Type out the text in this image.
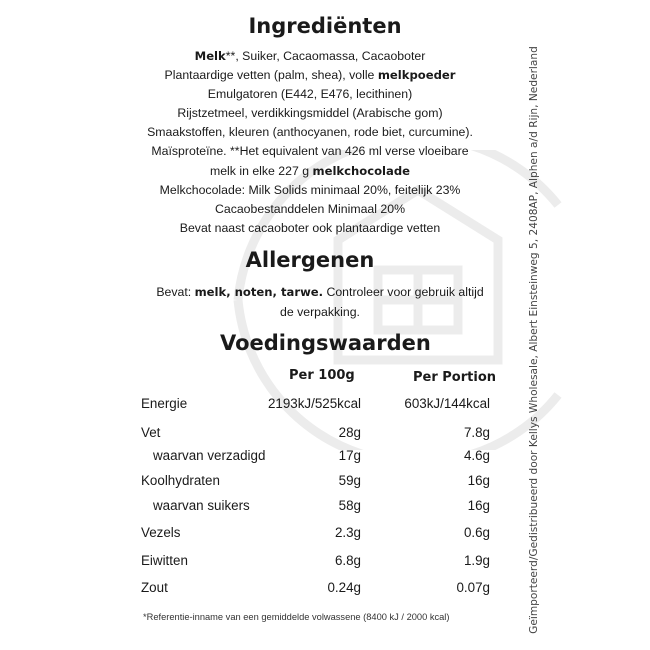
Geïmporteerd/Gedistribueerd door Kellys Wholesale, Albert Einsteinweg 5, 2408AP, Alphen a/d Rijn, Nederland
Ingrediënten
Melk**, Suiker, Cacaomassa, Cacaoboter
Plantaardige vetten (palm, shea), volle melkpoeder
Emulgatoren (E442, E476, lecithinen)
Rijstzetmeel, verdikkingsmiddel (Arabische gom)
Smaakstoffen, kleuren (anthocyanen, rode biet, curcumine).
Maïsproteïne. **Het equivalent van 426 ml verse vloeibare
melk in elke 227 g melkchocolade
Melkchocolade: Milk Solids minimaal 20%, feitelijk 23%
Cacaobestanddelen Minimaal 20%
Bevat naast cacaoboter ook plantaardige vetten
Allergenen
Bevat: melk, noten, tarwe. Controleer voor gebruik altijd de verpakking.
Voedingswaarden
Per 100g	Per Portion
Energie	2193kJ/525kcal	603kJ/144kcal
Vet	28g	7.8g
waarvan verzadigd	17g	4.6g
Koolhydraten	59g	16g
waarvan suikers	58g	16g
Vezels	2.3g	0.6g
Eiwitten	6.8g	1.9g
Zout	0.24g	0.07g
*Referentie-inname van een gemiddelde volwassene (8400 kJ / 2000 kcal)
